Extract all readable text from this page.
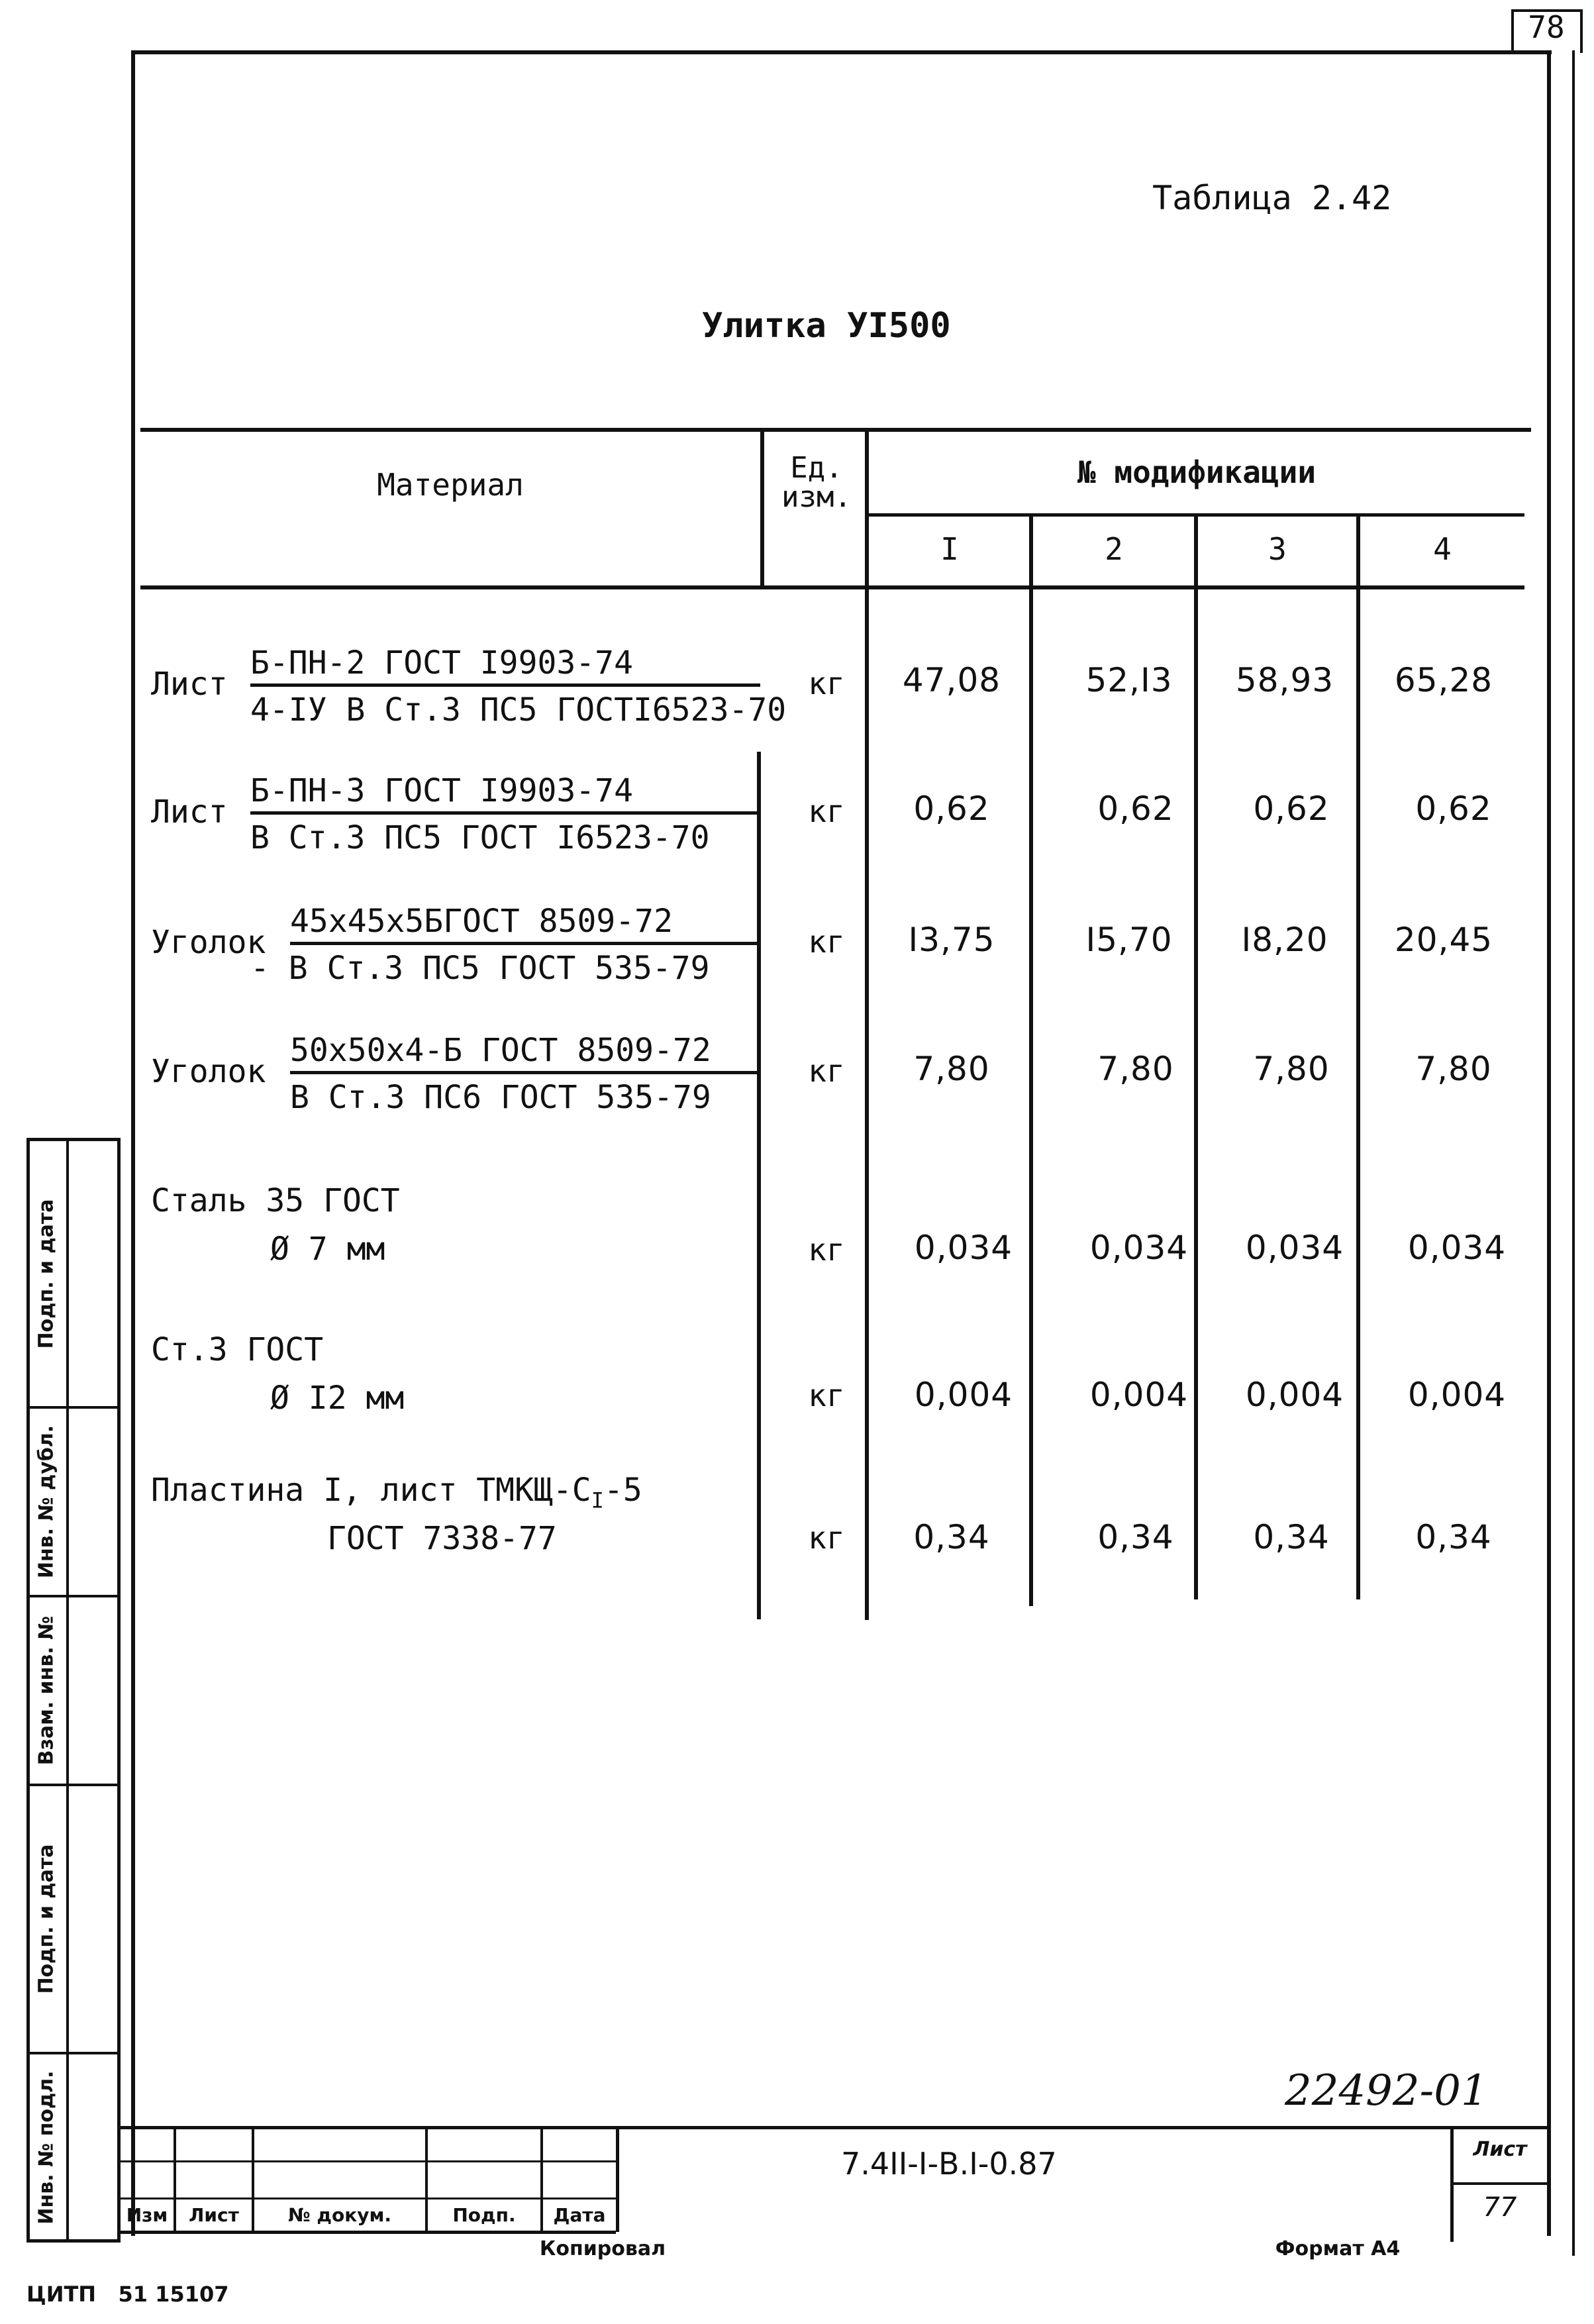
78
Таблица 2.42
Улитка УI500
Материал	Ед.
изм.
№ модификации
I	2	3	4
Лист
Б-ПН-2 ГОСТ I9903-74
4-IУ В Ст.3 ПС5 ГОСТI6523-70
кг	47,08	52,I3	58,93	65,28
Лист
Б-ПН-3 ГОСТ I9903-74
В Ст.3 ПС5 ГОСТ I6523-70
кг	0,62	0,62	0,62	0,62
Уголок
45х45х5БГОСТ 8509-72
- В Ст.3 ПС5 ГОСТ 535-79
кг	I3,75	I5,70	I8,20	20,45
Уголок
50х50х4-Б ГОСТ 8509-72
В Ст.3 ПС6 ГОСТ 535-79
кг	7,80	7,80	7,80	7,80
Сталь 35 ГОСТ
Ø 7 мм	кг	0,034	0,034	0,034	0,034
Ст.3 ГОСТ
Ø I2 мм	кг	0,004	0,004	0,004	0,004
Пластина I, лист ТМКЩ-$C_I-5$
ГОСТ 7338-77	кг	0,34	0,34	0,34	0,34
Подп. и дата
Инв. № дубл.
Взам. инв. №
Подп. и дата
Инв. № подл.	22492-01
Изм	Лист	№ докум.	Подп.	Дата
7.4II-I-В.I-0.87	Лист
77
Копировал	Формат А4
ЦИТП   51 15107
